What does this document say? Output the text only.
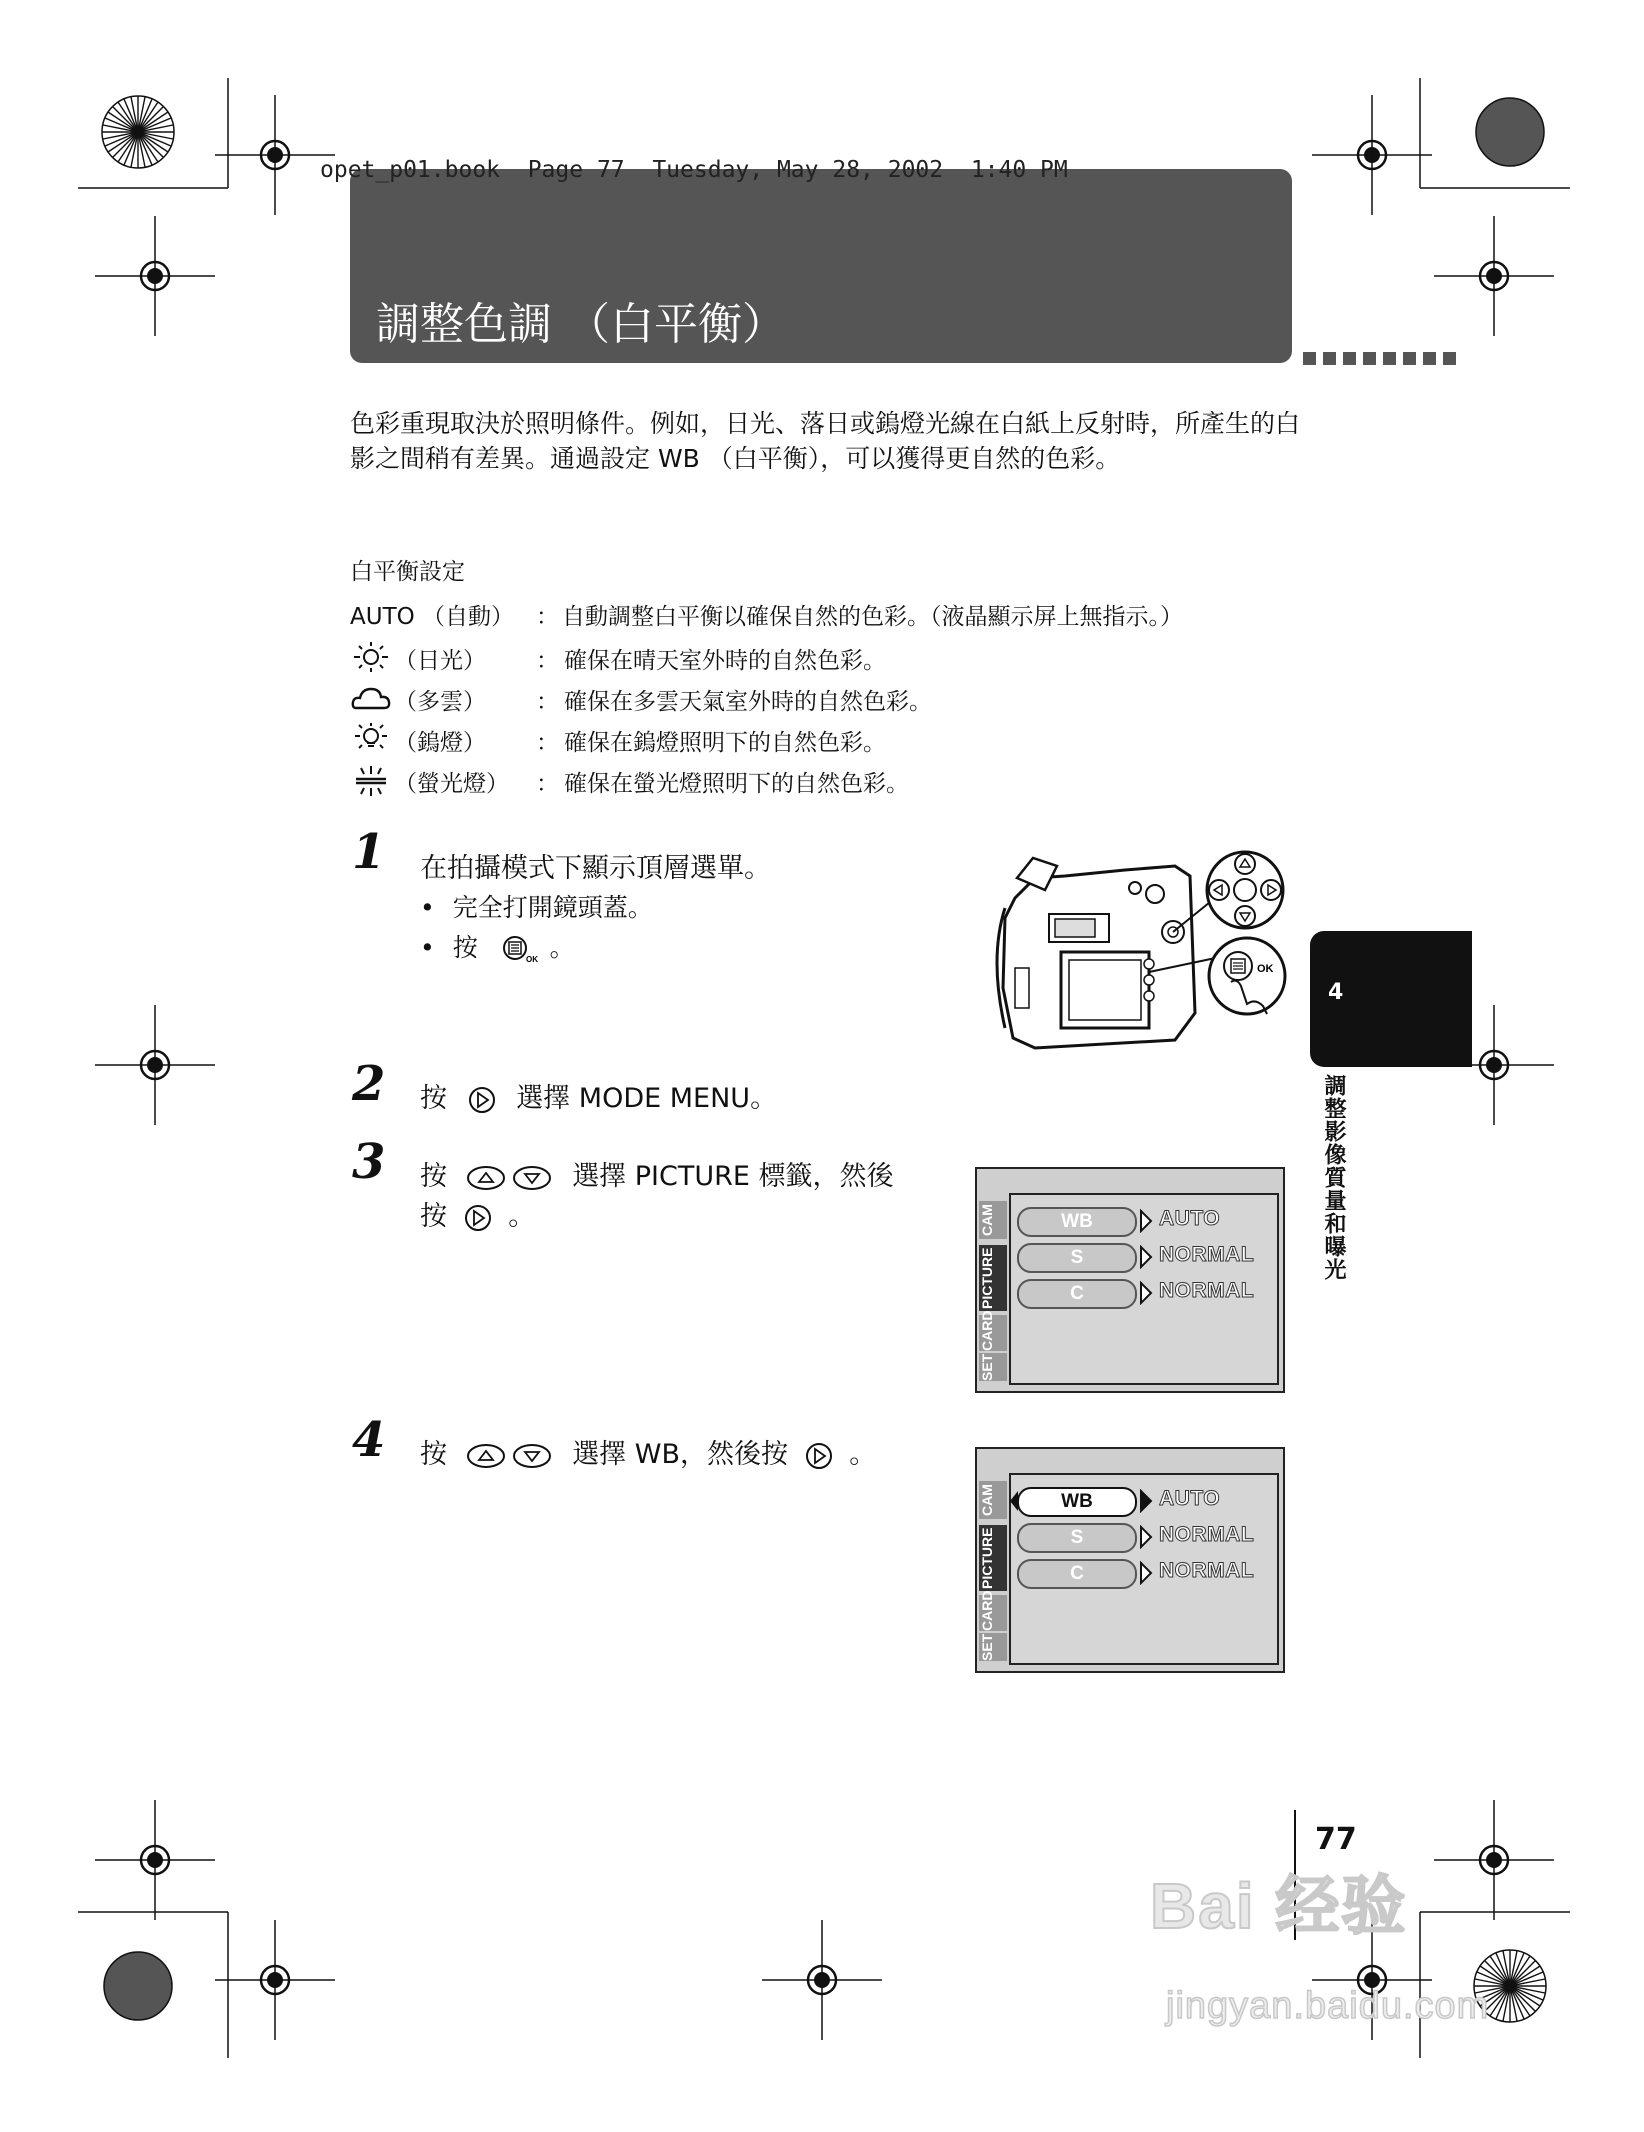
opet_p01.book  Page 77  Tuesday, May 28, 2002  1:40 PM
調整色調 （白平衡）
色彩重現取決於照明條件。例如，日光、落日或鎢燈光線在白紙上反射時，所產生的白影之間稍有差異。通過設定 WB （白平衡），可以獲得更自然的色彩。
白平衡設定
AUTO （自動） ： 自動調整白平衡以確保自然的色彩。（液晶顯示屏上無指示。）
（日光） ： 確保在晴天室外時的自然色彩。
（多雲） ： 確保在多雲天氣室外時的自然色彩。
（鎢燈） ： 確保在鎢燈照明下的自然色彩。
（螢光燈） ： 確保在螢光燈照明下的自然色彩。
1 在拍攝模式下顯示頂層選單。
• 完全打開鏡頭蓋。
• 按	OK 。
OK
2 按	選擇 MODE MENU。
3 按	選擇 PICTURE 標籤，然後
按 。	CAM
PICTURE
CARD
SET
WB	AUTO
S	NORMAL
C	NORMAL
4 按	選擇 WB，然後按 。
CAM
PICTURE
CARD
SET
WB	AUTO
S	NORMAL
C	NORMAL
4
調整影像質量和曝光
77
Bai 经验
jingyan.baidu.com
